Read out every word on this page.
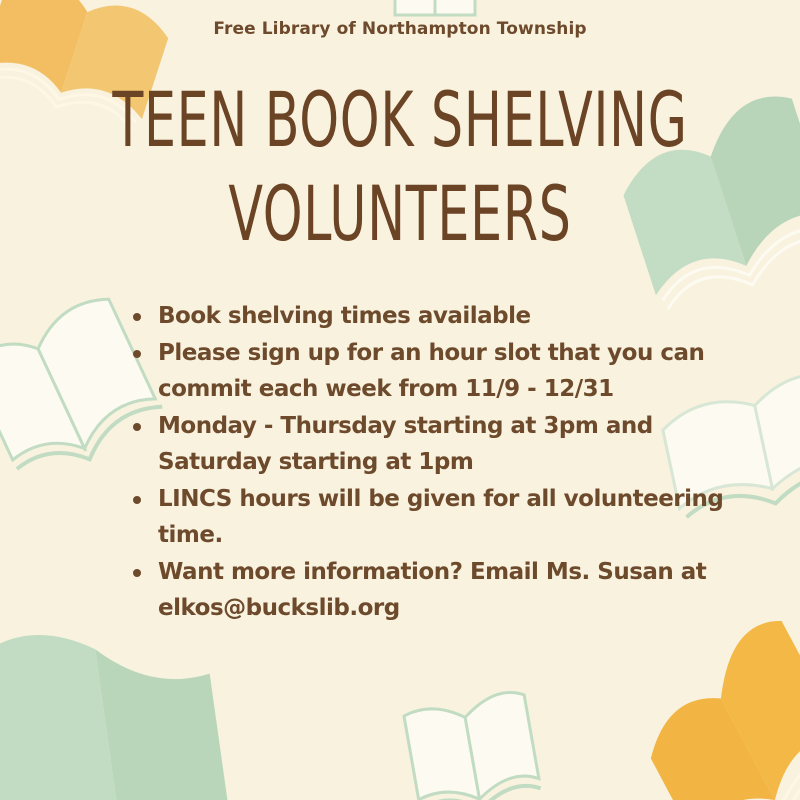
Free Library of Northampton Township
TEEN BOOK SHELVING
VOLUNTEERS
Book shelving times available
Please sign up for an hour slot that you can commit each week from 11/9 - 12/31
Monday - Thursday starting at 3pm and Saturday starting at 1pm
LINCS hours will be given for all volunteering time.
Want more information? Email Ms. Susan at elkos@buckslib.org
